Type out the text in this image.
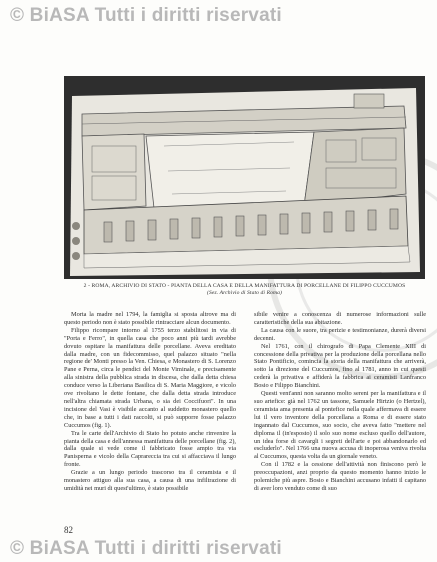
© BiASA Tutti i diritti riservati
2 - ROMA, ARCHIVIO DI STATO - PIANTA DELLA CASA E DELLA MANIFATTURA DI PORCELLANE DI FILIPPO CUCCUMOS
(Sez. Archivio di Stato di Roma)

Morta la madre nel 1794, la famiglia si sposta altrove ma di questo periodo non è stato possibile rintracciare alcun documento.

Filippo ricompare intorno al 1755 terzo stabilitosi in via di "Porta e Ferro", in quella casa che poco anni più tardi avrebbe dovuto ospitare la manifattura delle porcellane. Aveva ereditato dalla madre, con un fidecommisso, quel palazzo situato "nella regione de' Monti presso la Ven. Chiesa, e Monastero di S. Lorenzo Pane e Perna, circa le pendici del Monte Viminale, e precisamente alla sinistra della pubblica strada in discesa, che dalla detta chiesa conduce verso la Liberiana Basilica di S. Maria Maggiore, e vicolo ove rivoltano le dette fontane, che dalla detta strada introduce nell'altra chiamata strada Urbana, o sia dei Coccifuori". In una incisione del Vasi è visibile accanto al suddetto monastero quello che, in base a tutti i dati raccolti, si può supporre fosse palazzo Cuccumos (fig. 1).

Tra le carte dell'Archivio di Stato ho potuto anche rinvenire la pianta della casa e dell'annessa manifattura delle porcellane (fig. 2), dalla quale si vede come il fabbricato fosse ampio tra via Panisperna e vicolo della Caprareccia tra cui si affacciava il lungo fronte.

Grazie a un lungo periodo trascorso tra il ceramista e il monastero attiguo alla sua casa, a causa di una infiltrazione di umidità nei muri di quest'ultimo, è stato possibile

sibile venire a conoscenza di numerose informazioni sulle caratteristiche della sua abitazione.

La causa con le suore, tra perizie e testimonianze, durerà diversi decenni.

Nel 1761, con il chirografo di Papa Clemente XIII di concessione della privativa per la produzione della porcellana nello Stato Pontificio, comincia la storia della manifattura che arriverà, sotto la direzione del Cuccumos, fino al 1781, anno in cui questi cederà la privativa e affiderà la fabbrica ai ceramisti Lanfranco Bosio e Filippo Bianchini.

Questi vent'anni non saranno molto sereni per la manifattura e il suo artefice: già nel 1762 un tassone, Samuele Hirtzio (o Hertzel), ceramista ama presenta al pontefice nella quale affermava di essere lui il vero inventore della porcellana a Roma e di essere stato ingannato dal Cuccumos, suo socio, che aveva fatto "mettere nel diploma il (in'esposto) il solo suo nome escluso quello dell'autore, un idea forse di cavargli i segreti dell'arte e poi abbandonarlo ed escluderlo". Nel 1766 una nuova accusa di inoperosa veniva rivolta al Cuccumos, questa volta da un giornale veneto.

Con il 1782 e la cessione dell'attività non finiscono però le preoccupazioni, anzi proprio da questo momento hanno inizio le polemiche più aspre. Bosio e Bianchini accusano infatti il capitano di aver loro venduto come di suo

82
© BiASA Tutti i diritti riservati
